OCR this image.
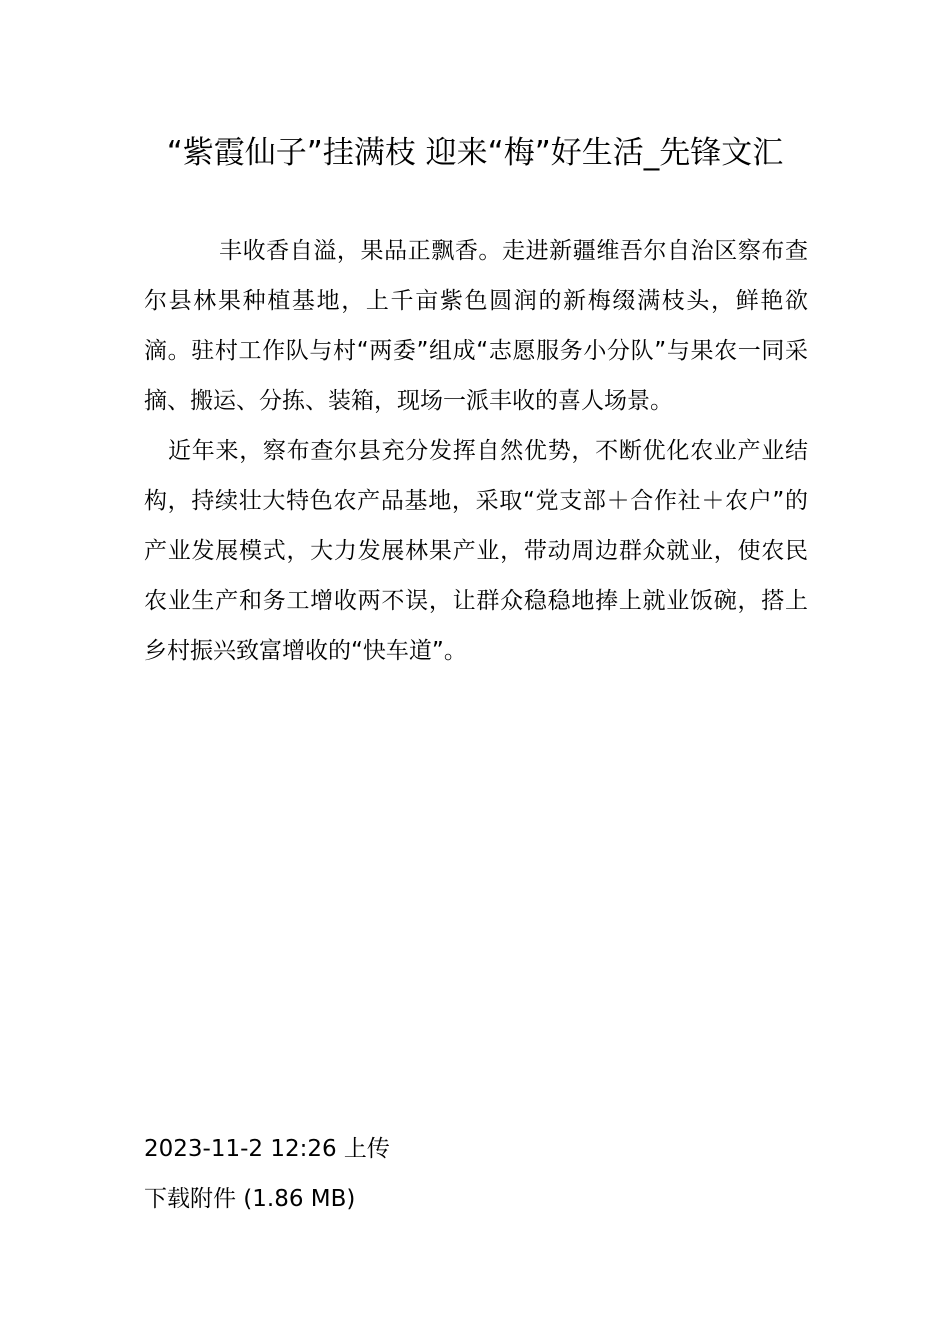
“紫霞仙子”挂满枝 迎来“梅”好生活_先锋文汇

丰收香自溢，果品正飘香。走进新疆维吾尔自治区察布查尔县林果种植基地，上千亩紫色圆润的新梅缀满枝头，鲜艳欲滴。驻村工作队与村“两委”组成“志愿服务小分队”与果农一同采摘、搬运、分拣、装箱，现场一派丰收的喜人场景。

近年来，察布查尔县充分发挥自然优势，不断优化农业产业结构，持续壮大特色农产品基地，采取“党支部＋合作社＋农户”的产业发展模式，大力发展林果产业，带动周边群众就业，使农民农业生产和务工增收两不误，让群众稳稳地捧上就业饭碗，搭上乡村振兴致富增收的“快车道”。

2023-11-2 12:26 上传

下载附件 (1.86 MB)
